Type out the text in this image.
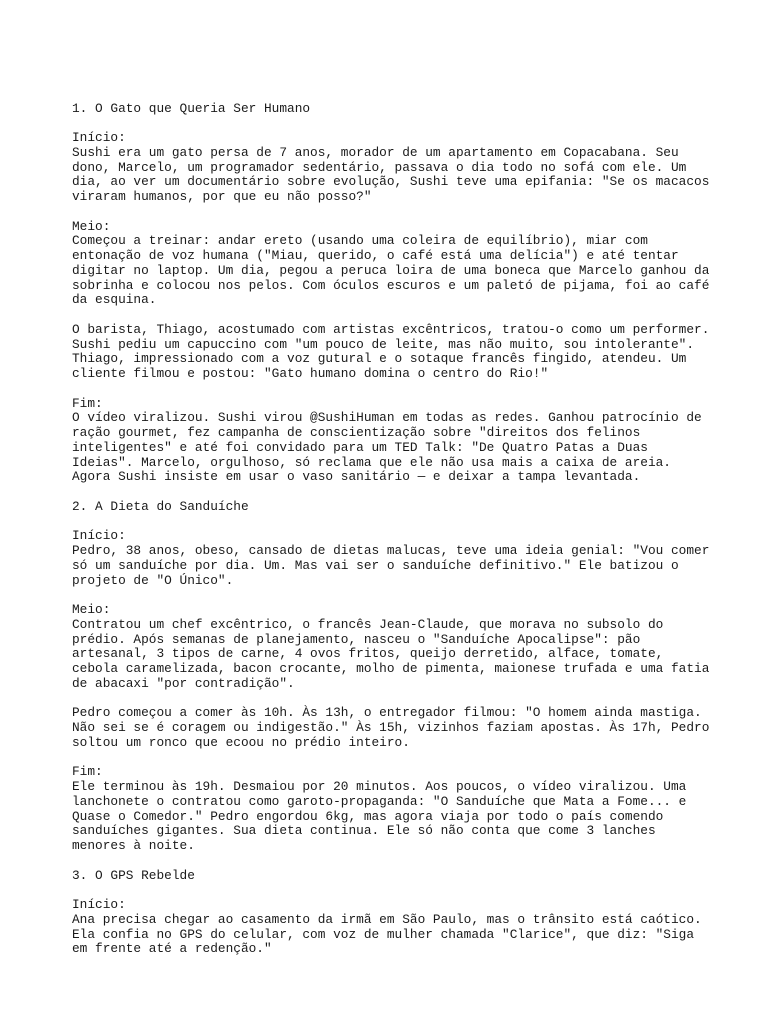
1. O Gato que Queria Ser Humano
Início:
Sushi era um gato persa de 7 anos, morador de um apartamento em Copacabana. Seu
dono, Marcelo, um programador sedentário, passava o dia todo no sofá com ele. Um
dia, ao ver um documentário sobre evolução, Sushi teve uma epifania: "Se os macacos
viraram humanos, por que eu não posso?"
Meio:
Começou a treinar: andar ereto (usando uma coleira de equilíbrio), miar com
entonação de voz humana ("Miau, querido, o café está uma delícia") e até tentar
digitar no laptop. Um dia, pegou a peruca loira de uma boneca que Marcelo ganhou da
sobrinha e colocou nos pelos. Com óculos escuros e um paletó de pijama, foi ao café
da esquina.
O barista, Thiago, acostumado com artistas excêntricos, tratou-o como um performer.
Sushi pediu um capuccino com "um pouco de leite, mas não muito, sou intolerante".
Thiago, impressionado com a voz gutural e o sotaque francês fingido, atendeu. Um
cliente filmou e postou: "Gato humano domina o centro do Rio!"
Fim:
O vídeo viralizou. Sushi virou @SushiHuman em todas as redes. Ganhou patrocínio de
ração gourmet, fez campanha de conscientização sobre "direitos dos felinos
inteligentes" e até foi convidado para um TED Talk: "De Quatro Patas a Duas
Ideias". Marcelo, orgulhoso, só reclama que ele não usa mais a caixa de areia.
Agora Sushi insiste em usar o vaso sanitário — e deixar a tampa levantada.
2. A Dieta do Sanduíche
Início:
Pedro, 38 anos, obeso, cansado de dietas malucas, teve uma ideia genial: "Vou comer
só um sanduíche por dia. Um. Mas vai ser o sanduíche definitivo." Ele batizou o
projeto de "O Único".
Meio:
Contratou um chef excêntrico, o francês Jean-Claude, que morava no subsolo do
prédio. Após semanas de planejamento, nasceu o "Sanduíche Apocalipse": pão
artesanal, 3 tipos de carne, 4 ovos fritos, queijo derretido, alface, tomate,
cebola caramelizada, bacon crocante, molho de pimenta, maionese trufada e uma fatia
de abacaxi "por contradição".
Pedro começou a comer às 10h. Às 13h, o entregador filmou: "O homem ainda mastiga.
Não sei se é coragem ou indigestão." Às 15h, vizinhos faziam apostas. Às 17h, Pedro
soltou um ronco que ecoou no prédio inteiro.
Fim:
Ele terminou às 19h. Desmaiou por 20 minutos. Aos poucos, o vídeo viralizou. Uma
lanchonete o contratou como garoto-propaganda: "O Sanduíche que Mata a Fome... e
Quase o Comedor." Pedro engordou 6kg, mas agora viaja por todo o país comendo
sanduíches gigantes. Sua dieta continua. Ele só não conta que come 3 lanches
menores à noite.
3. O GPS Rebelde
Início:
Ana precisa chegar ao casamento da irmã em São Paulo, mas o trânsito está caótico.
Ela confia no GPS do celular, com voz de mulher chamada "Clarice", que diz: "Siga
em frente até a redenção."
